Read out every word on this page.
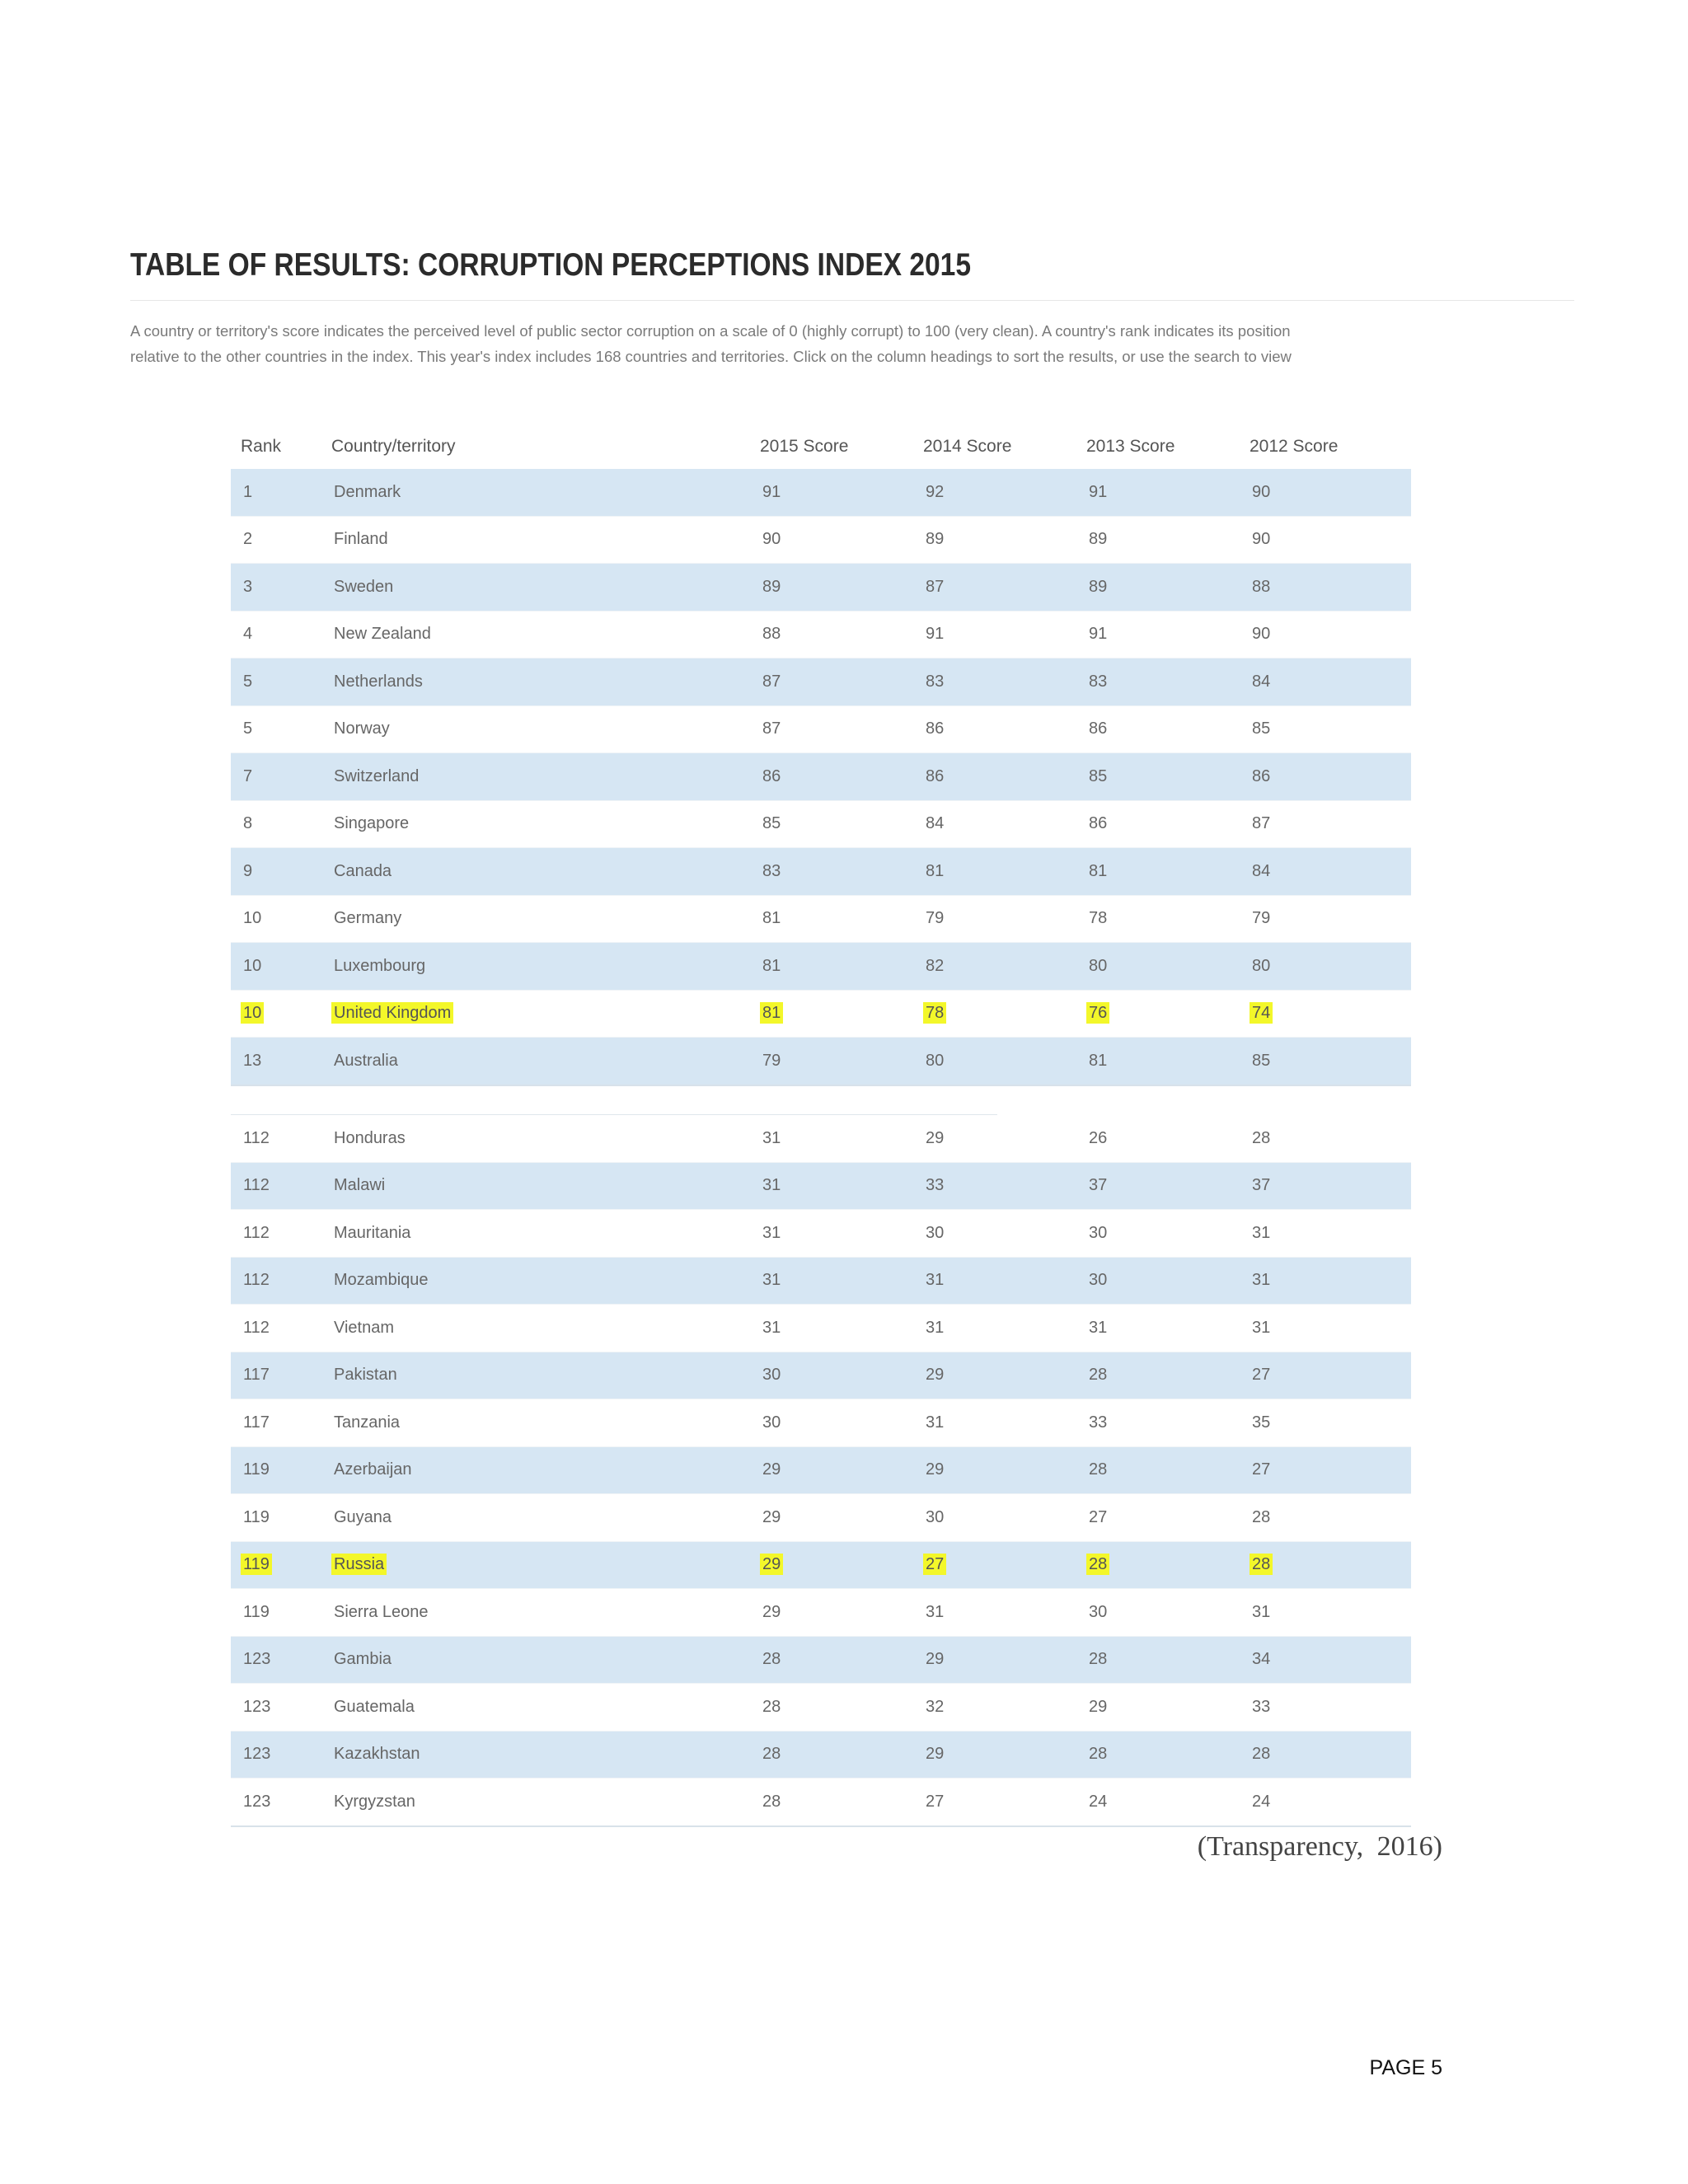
TABLE OF RESULTS: CORRUPTION PERCEPTIONS INDEX 2015

A country or territory's score indicates the perceived level of public sector corruption on a scale of 0 (highly corrupt) to 100 (very clean). A country's rank indicates its position

relative to the other countries in the index. This year's index includes 168 countries and territories. Click on the column headings to sort the results, or use the search to view

Rank	Country/territory	2015 Score	2014 Score	2013 Score	2012 Score
1	Denmark	91	92	91	90
2	Finland	90	89	89	90
3	Sweden	89	87	89	88
4	New Zealand	88	91	91	90
5	Netherlands	87	83	83	84
5	Norway	87	86	86	85
7	Switzerland	86	86	85	86
8	Singapore	85	84	86	87
9	Canada	83	81	81	84
10	Germany	81	79	78	79
10	Luxembourg	81	82	80	80
10	United Kingdom	81	78	76	74
13	Australia	79	80	81	85
112	Honduras	31	29	26	28
112	Malawi	31	33	37	37
112	Mauritania	31	30	30	31
112	Mozambique	31	31	30	31
112	Vietnam	31	31	31	31
117	Pakistan	30	29	28	27
117	Tanzania	30	31	33	35
119	Azerbaijan	29	29	28	27
119	Guyana	29	30	27	28
119	Russia	29	27	28	28
119	Sierra Leone	29	31	30	31
123	Gambia	28	29	28	34
123	Guatemala	28	32	29	33
123	Kazakhstan	28	29	28	28
123	Kyrgyzstan	28	27	24	24

(Transparency, 2016)

PAGE 5
